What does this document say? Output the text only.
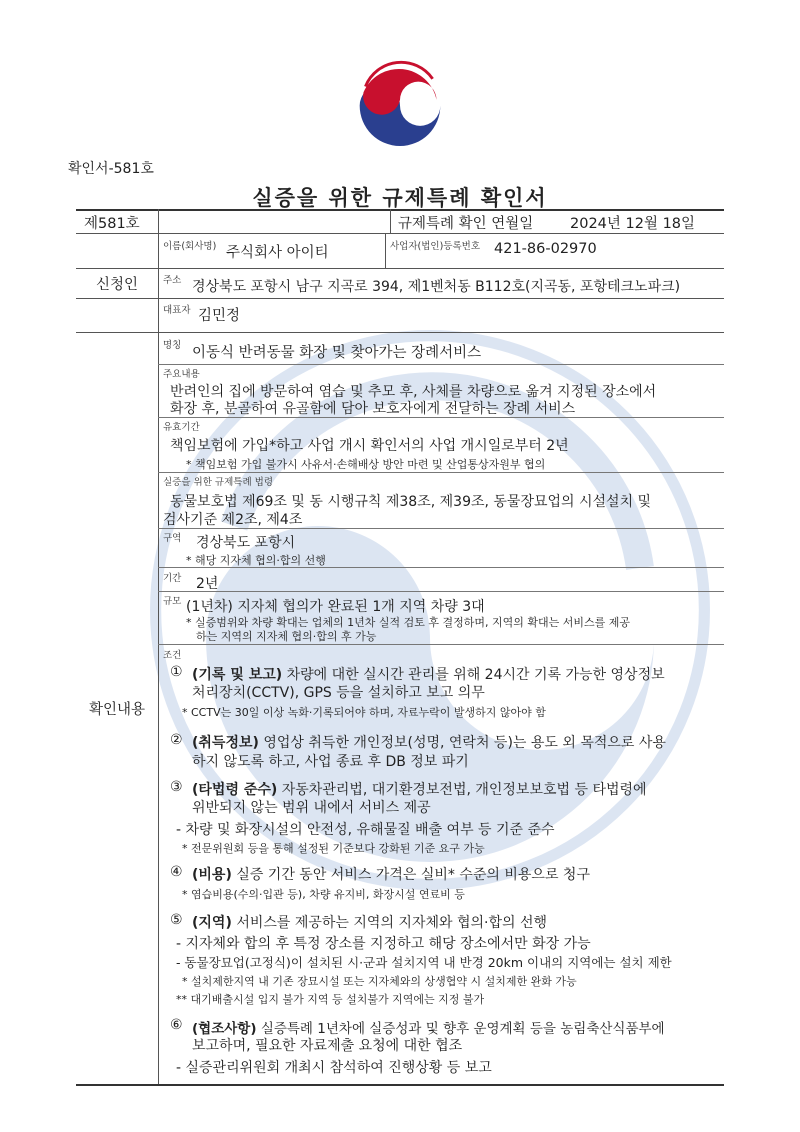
확인서-581호
실증을 위한 규제특례 확인서
제581호	규제특례 확인 연월일	2024년 12월 18일
신청인
이름(회사명) 주식회사 아이티	사업자(법인)등록번호 421-86-02970
주소 경상북도 포항시 남구 지곡로 394, 제1벤처동 B112호(지곡동, 포항테크노파크)
대표자 김민정
확인내용
명칭 이동식 반려동물 화장 및 찾아가는 장례서비스
주요내용
반려인의 집에 방문하여 염습 및 추모 후, 사체를 차량으로 옮겨 지정된 장소에서
화장 후, 분골하여 유골함에 담아 보호자에게 전달하는 장례 서비스
유효기간
책임보험에 가입*하고 사업 개시 확인서의 사업 개시일로부터 2년
* 책임보험 가입 불가시 사유서·손해배상 방안 마련 및 산업통상자원부 협의
실증을 위한 규제특례 법령
동물보호법 제69조 및 동 시행규칙 제38조, 제39조, 동물장묘업의 시설설치 및
검사기준 제2조, 제4조
구역 경상북도 포항시
* 해당 지자체 협의·합의 선행
기간 2년
규모 (1년차) 지자체 협의가 완료된 1개 지역 차량 3대
* 실증범위와 차량 확대는 업체의 1년차 실적 검토 후 결정하며, 지역의 확대는 서비스를 제공
하는 지역의 지자체 협의·합의 후 가능
조건
① (기록 및 보고) 차량에 대한 실시간 관리를 위해 24시간 기록 가능한 영상정보
처리장치(CCTV), GPS 등을 설치하고 보고 의무
* CCTV는 30일 이상 녹화·기록되어야 하며, 자료누락이 발생하지 않아야 함
② (취득정보) 영업상 취득한 개인정보(성명, 연락처 등)는 용도 외 목적으로 사용
하지 않도록 하고, 사업 종료 후 DB 정보 파기
③ (타법령 준수) 자동차관리법, 대기환경보전법, 개인정보보호법 등 타법령에
위반되지 않는 범위 내에서 서비스 제공
- 차량 및 화장시설의 안전성, 유해물질 배출 여부 등 기준 준수
* 전문위원회 등을 통해 설정된 기준보다 강화된 기준 요구 가능
④ (비용) 실증 기간 동안 서비스 가격은 실비* 수준의 비용으로 청구
* 염습비용(수의·입관 등), 차량 유지비, 화장시설 연료비 등
⑤ (지역) 서비스를 제공하는 지역의 지자체와 협의·합의 선행
- 지자체와 합의 후 특정 장소를 지정하고 해당 장소에서만 화장 가능
- 동물장묘업(고정식)이 설치된 시·군과 설치지역 내 반경 20km 이내의 지역에는 설치 제한
* 설치제한지역 내 기존 장묘시설 또는 지자체와의 상생협약 시 설치제한 완화 가능
** 대기배출시설 입지 불가 지역 등 설치불가 지역에는 지정 불가
⑥ (협조사항) 실증특례 1년차에 실증성과 및 향후 운영계획 등을 농림축산식품부에
보고하며, 필요한 자료제출 요청에 대한 협조
- 실증관리위원회 개최시 참석하여 진행상황 등 보고
